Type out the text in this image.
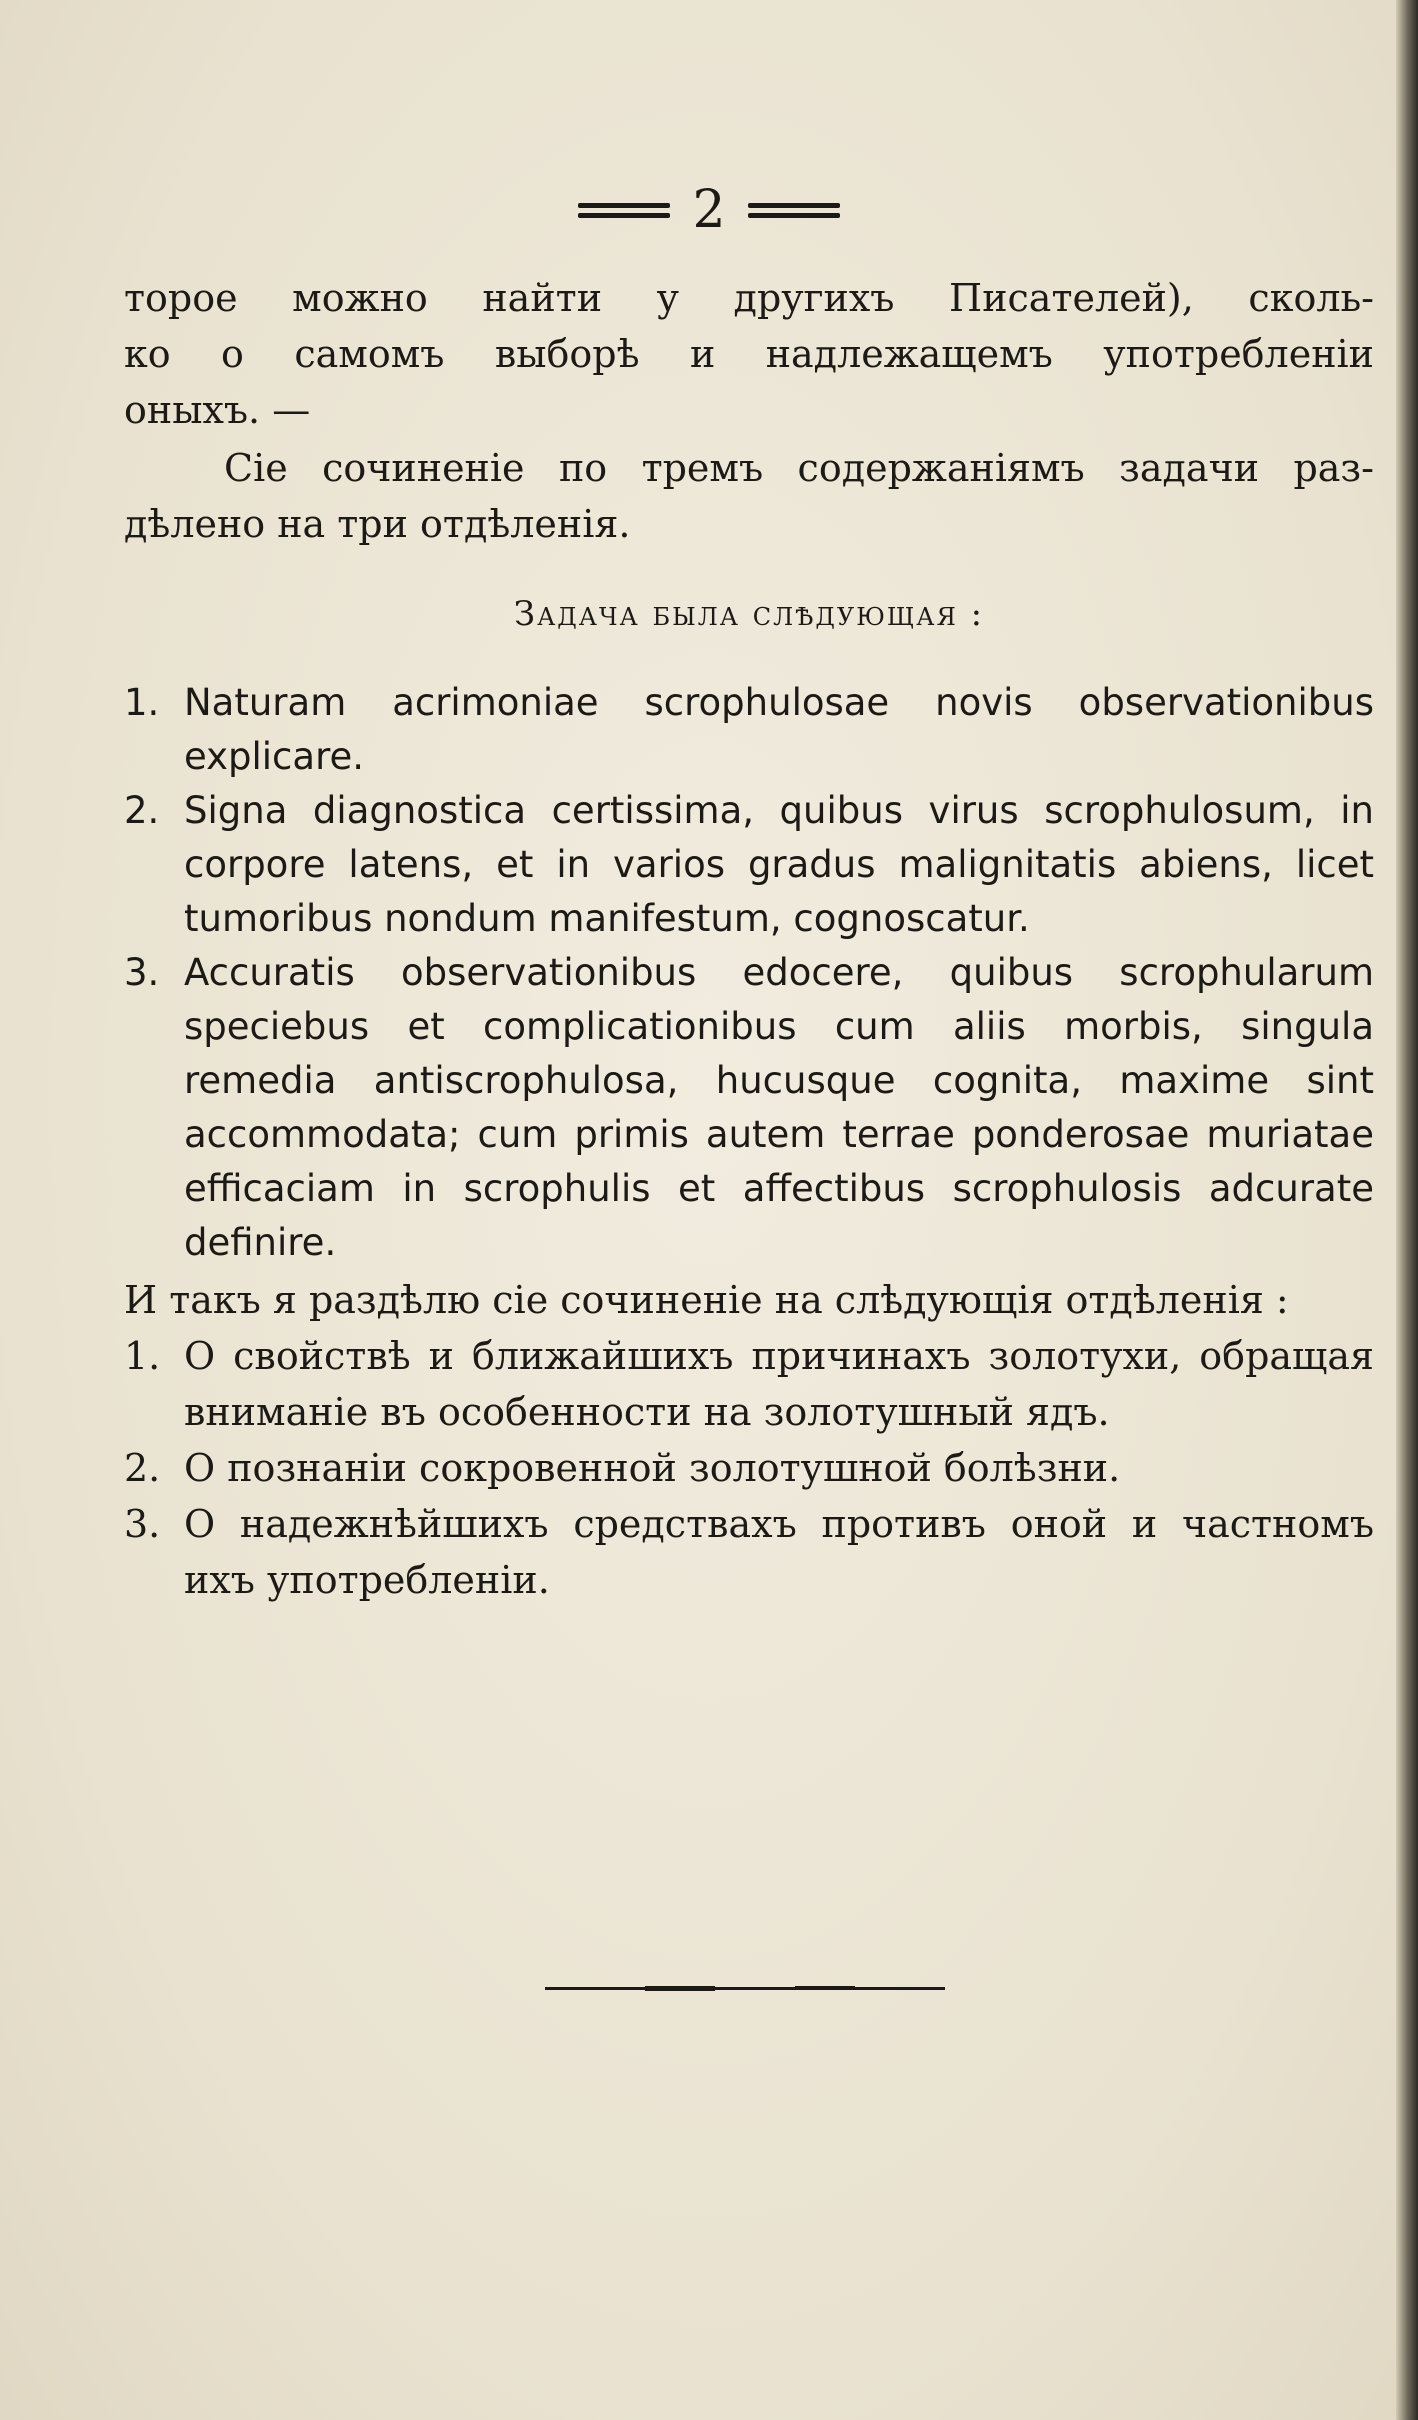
2
торое можно найти у другихъ Писателей), сколь-
ко о самомъ выборѣ и надлежащемъ употребленіи
оныхъ. —
Сіе сочиненіе по тремъ содержаніямъ задачи раз-
дѣлено на три отдѣленія.
Задача была слѣдующая :
1. Naturam acrimoniae scrophulosae novis observationibus explicare.
2. Signa diagnostica certissima, quibus virus scrophulosum, in corpore latens, et in varios gradus malignitatis abiens, licet tumoribus nondum manifestum, cognoscatur.
3. Accuratis observationibus edocere, quibus scrophularum speciebus et complicationibus cum aliis morbis, singula remedia antiscrophulosa, hucusque cognita, maxime sint accommodata; cum primis autem terrae ponderosae muriatae efficaciam in scrophulis et affectibus scrophulosis adcurate definire.
И такъ я раздѣлю сіе сочиненіе на слѣдующія отдѣленія :
1. О свойствѣ и ближайшихъ причинахъ золотухи, обращая вниманіе въ особенности на золотушный ядъ.
2. О познаніи сокровенной золотушной болѣзни.
3. О надежнѣйшихъ средствахъ противъ оной и частномъ ихъ употребленіи.
